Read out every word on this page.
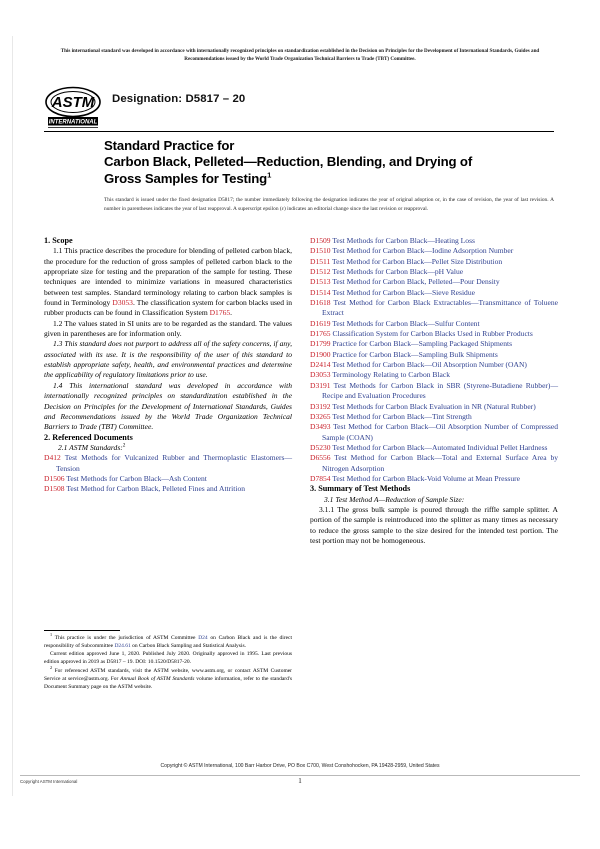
This international standard was developed in accordance with internationally recognized principles on standardization established in the Decision on Principles for the Development of International Standards, Guides and Recommendations issued by the World Trade Organization Technical Barriers to Trade (TBT) Committee.
ASTM
INTERNATIONAL
Designation: D5817 – 20
Standard Practice for
Carbon Black, Pelleted—Reduction, Blending, and Drying of
Gross Samples for Testing$^1$
This standard is issued under the fixed designation D5817; the number immediately following the designation indicates the year of original adoption or, in the case of revision, the year of last revision. A number in parentheses indicates the year of last reapproval. A superscript epsilon (ε) indicates an editorial change since the last revision or reapproval.
1. Scope

1.1 This practice describes the procedure for blending of pelleted carbon black, the procedure for the reduction of gross samples of pelleted carbon black to the appropriate size for testing and the preparation of the sample for testing. These techniques are intended to minimize variations in measured characteristics between test samples. Standard terminology relating to carbon black samples is found in Terminology D3053. The classification system for carbon blacks used in rubber products can be found in Classification System D1765.

1.2 The values stated in SI units are to be regarded as the standard. The values given in parentheses are for information only.

1.3 This standard does not purport to address all of the safety concerns, if any, associated with its use. It is the responsibility of the user of this standard to establish appropriate safety, health, and environmental practices and determine the applicability of regulatory limitations prior to use.

1.4 This international standard was developed in accordance with internationally recognized principles on standardization established in the Decision on Principles for the Development of International Standards, Guides and Recommendations issued by the World Trade Organization Technical Barriers to Trade (TBT) Committee.

2. Referenced Documents

2.1 ASTM Standards:$^2$

D412 Test Methods for Vulcanized Rubber and Thermoplastic Elastomers—Tension

D1506 Test Methods for Carbon Black—Ash Content

D1508 Test Method for Carbon Black, Pelleted Fines and Attrition

D1509 Test Methods for Carbon Black—Heating Loss

D1510 Test Method for Carbon Black—Iodine Adsorption Number

D1511 Test Method for Carbon Black—Pellet Size Distribution

D1512 Test Methods for Carbon Black—pH Value

D1513 Test Method for Carbon Black, Pelleted—Pour Density

D1514 Test Method for Carbon Black—Sieve Residue

D1618 Test Method for Carbon Black Extractables—Transmittance of Toluene Extract

D1619 Test Methods for Carbon Black—Sulfur Content

D1765 Classification System for Carbon Blacks Used in Rubber Products

D1799 Practice for Carbon Black—Sampling Packaged Shipments

D1900 Practice for Carbon Black—Sampling Bulk Shipments

D2414 Test Method for Carbon Black—Oil Absorption Number (OAN)

D3053 Terminology Relating to Carbon Black

D3191 Test Methods for Carbon Black in SBR (Styrene-Butadiene Rubber)—Recipe and Evaluation Procedures

D3192 Test Methods for Carbon Black Evaluation in NR (Natural Rubber)

D3265 Test Method for Carbon Black—Tint Strength

D3493 Test Method for Carbon Black—Oil Absorption Number of Compressed Sample (COAN)

D5230 Test Method for Carbon Black—Automated Individual Pellet Hardness

D6556 Test Method for Carbon Black—Total and External Surface Area by Nitrogen Adsorption

D7854 Test Method for Carbon Black-Void Volume at Mean Pressure

3. Summary of Test Methods

3.1 Test Method A—Reduction of Sample Size:

3.1.1 The gross bulk sample is poured through the riffle sample splitter. A portion of the sample is reintroduced into the splitter as many times as necessary to reduce the gross sample to the size desired for the intended test portion. The test portion may not be homogeneous.

$^1$ This practice is under the jurisdiction of ASTM Committee D24 on Carbon Black and is the direct responsibility of Subcommittee D24.61 on Carbon Black Sampling and Statistical Analysis.

Current edition approved June 1, 2020. Published July 2020. Originally approved in 1995. Last previous edition approved in 2019 as D5817 – 19. DOI: 10.1520/D5817-20.

$^2$ For referenced ASTM standards, visit the ASTM website, www.astm.org, or contact ASTM Customer Service at service@astm.org. For Annual Book of ASTM Standards volume information, refer to the standard's Document Summary page on the ASTM website.

Copyright © ASTM International, 100 Barr Harbor Drive, PO Box C700, West Conshohocken, PA 19428-2959, United States
Copyright ASTM International	1
